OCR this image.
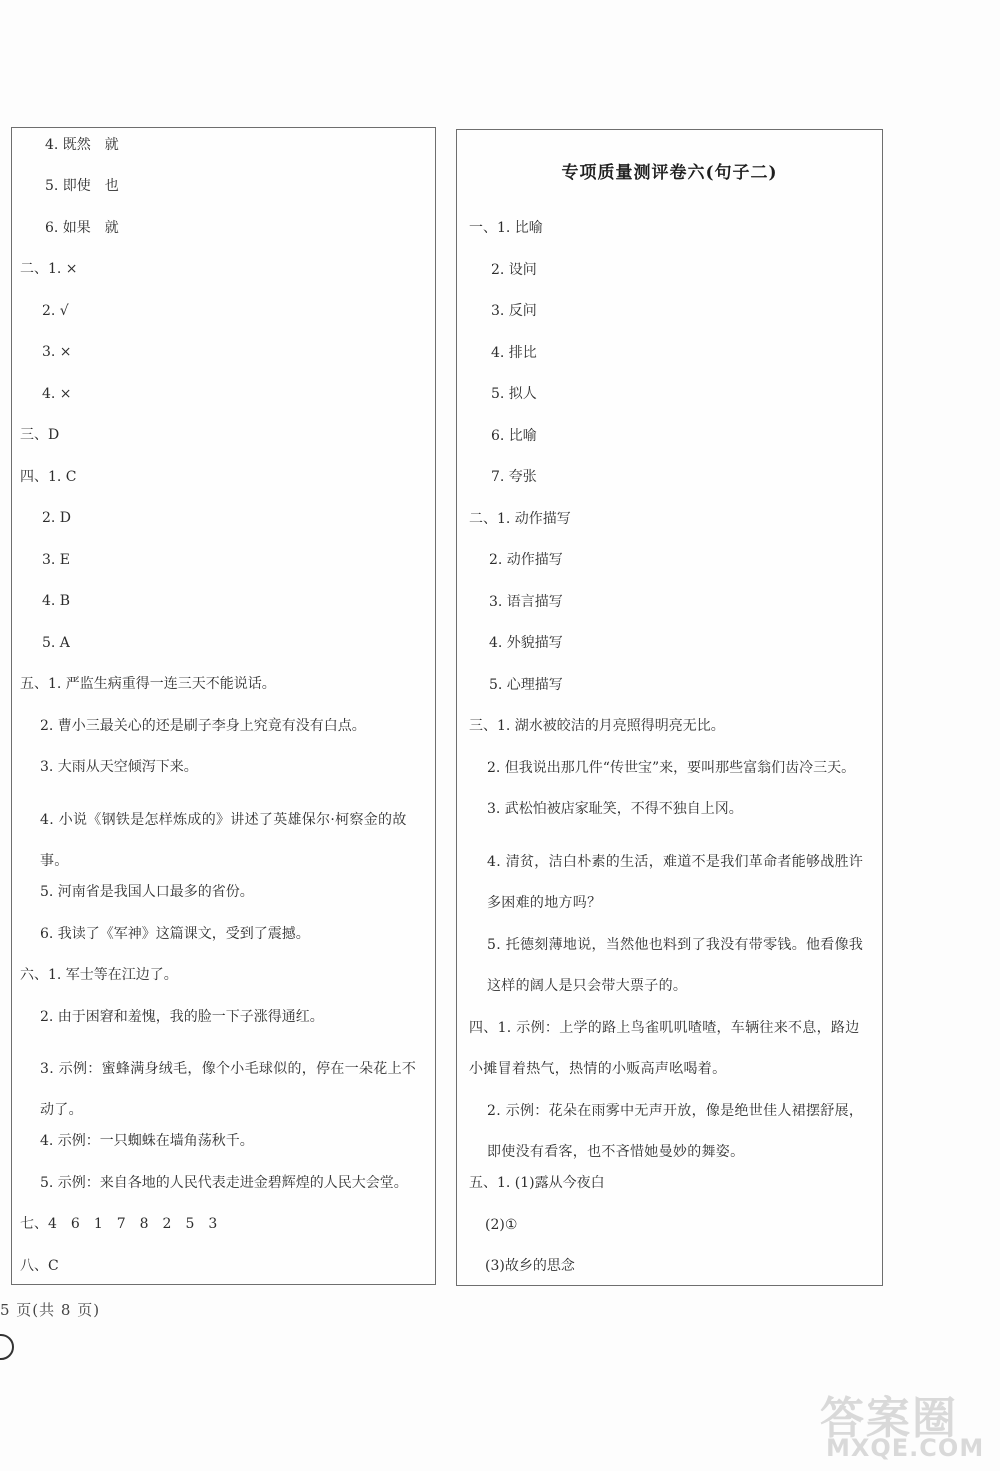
4. 既然　就
5. 即使　也
6. 如果　就
二、1. ×
2. √
3. ×
4. ×
三、D
四、1. C
2. D
3. E
4. B
5. A
五、1. 严监生病重得一连三天不能说话。
2. 曹小三最关心的还是刷子李身上究竟有没有白点。
3. 大雨从天空倾泻下来。
4. 小说《钢铁是怎样炼成的》讲述了英雄保尔·柯察金的故事。
5. 河南省是我国人口最多的省份。
6. 我读了《军神》这篇课文，受到了震撼。
六、1. 军士等在江边了。
2. 由于困窘和羞愧，我的脸一下子涨得通红。
3. 示例：蜜蜂满身绒毛，像个小毛球似的，停在一朵花上不动了。
4. 示例：一只蜘蛛在墙角荡秋千。
5. 示例：来自各地的人民代表走进金碧辉煌的人民大会堂。
七、4　6　1　7　8　2　5　3
八、C
专项质量测评卷六(句子二)
一、1. 比喻
2. 设问
3. 反问
4. 排比
5. 拟人
6. 比喻
7. 夸张
二、1. 动作描写
2. 动作描写
3. 语言描写
4. 外貌描写
5. 心理描写
三、1. 湖水被皎洁的月亮照得明亮无比。
2. 但我说出那几件“传世宝”来，要叫那些富翁们齿冷三天。
3. 武松怕被店家耻笑，不得不独自上冈。
4. 清贫，洁白朴素的生活，难道不是我们革命者能够战胜许多困难的地方吗？
5. 托德刻薄地说，当然他也料到了我没有带零钱。他看像我这样的阔人是只会带大票子的。
四、1. 示例：上学的路上鸟雀叽叽喳喳，车辆往来不息，路边小摊冒着热气，热情的小贩高声吆喝着。
2. 示例：花朵在雨雾中无声开放，像是绝世佳人裙摆舒展，即使没有看客，也不吝惜她曼妙的舞姿。
五、1. (1)露从今夜白
(2)①
(3)故乡的思念
5 页(共 8 页)
答案圈
MXQE.COM
